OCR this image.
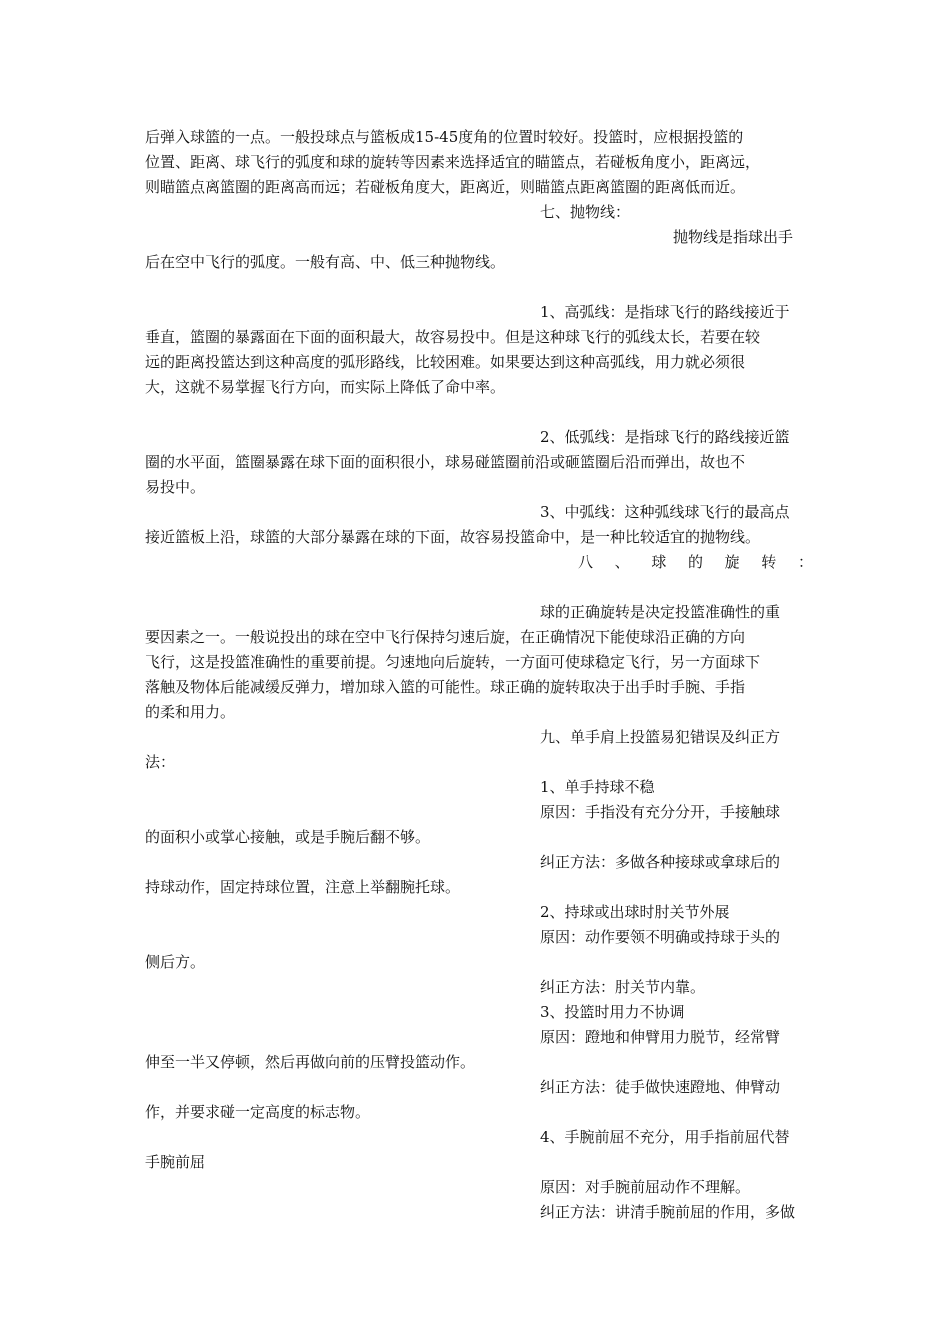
后弹入球篮的一点。一般投球点与篮板成15-45度角的位置时较好。投篮时，应根据投篮的
位置、距离、球飞行的弧度和球的旋转等因素来选择适宜的瞄篮点，若碰板角度小，距离远，
则瞄篮点离篮圈的距离高而远；若碰板角度大，距离近，则瞄篮点距离篮圈的距离低而近。
七、抛物线：
抛物线是指球出手
后在空中飞行的弧度。一般有高、中、低三种抛物线。
1、高弧线：是指球飞行的路线接近于
垂直，篮圈的暴露面在下面的面积最大，故容易投中。但是这种球飞行的弧线太长，若要在较
远的距离投篮达到这种高度的弧形路线，比较困难。如果要达到这种高弧线，用力就必须很
大，这就不易掌握飞行方向，而实际上降低了命中率。
2、低弧线：是指球飞行的路线接近篮
圈的水平面，篮圈暴露在球下面的面积很小，球易碰篮圈前沿或砸篮圈后沿而弹出，故也不
易投中。
3、中弧线：这种弧线球飞行的最高点
接近篮板上沿，球篮的大部分暴露在球的下面，故容易投篮命中，是一种比较适宜的抛物线。
八 、 球 的 旋 转 ：
球的正确旋转是决定投篮准确性的重
要因素之一。一般说投出的球在空中飞行保持匀速后旋，在正确情况下能使球沿正确的方向
飞行，这是投篮准确性的重要前提。匀速地向后旋转，一方面可使球稳定飞行，另一方面球下
落触及物体后能减缓反弹力，增加球入篮的可能性。球正确的旋转取决于出手时手腕、手指
的柔和用力。
九、单手肩上投篮易犯错误及纠正方
法：
1、单手持球不稳
原因：手指没有充分分开，手接触球
的面积小或掌心接触，或是手腕后翻不够。
纠正方法：多做各种接球或拿球后的
持球动作，固定持球位置，注意上举翻腕托球。
2、持球或出球时肘关节外展
原因：动作要领不明确或持球于头的
侧后方。
纠正方法：肘关节内靠。
3、投篮时用力不协调
原因：蹬地和伸臂用力脱节，经常臂
伸至一半又停顿，然后再做向前的压臂投篮动作。
纠正方法：徒手做快速蹬地、伸臂动
作，并要求碰一定高度的标志物。
4、手腕前屈不充分，用手指前屈代替
手腕前屈
原因：对手腕前屈动作不理解。
纠正方法：讲清手腕前屈的作用，多做
